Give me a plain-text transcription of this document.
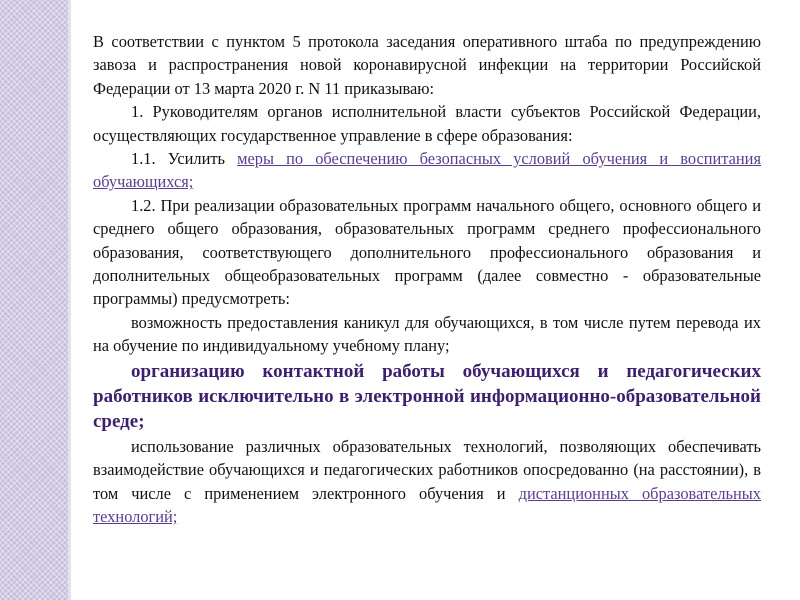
В соответствии с пунктом 5 протокола заседания оперативного штаба по предупреждению завоза и распространения новой коронавирусной инфекции на территории Российской Федерации от 13 марта 2020 г. N 11 приказываю:

1. Руководителям органов исполнительной власти субъектов Российской Федерации, осуществляющих государственное управление в сфере образования:

1.1. Усилить меры по обеспечению безопасных условий обучения и воспитания обучающихся;

1.2. При реализации образовательных программ начального общего, основного общего и среднего общего образования, образовательных программ среднего профессионального образования, соответствующего дополнительного профессионального образования и дополнительных общеобразовательных программ (далее совместно - образовательные программы) предусмотреть:

возможность предоставления каникул для обучающихся, в том числе путем перевода их на обучение по индивидуальному учебному плану;

организацию контактной работы обучающихся и педагогических работников исключительно в электронной информационно-образовательной среде;

использование различных образовательных технологий, позволяющих обеспечивать взаимодействие обучающихся и педагогических работников опосредованно (на расстоянии), в том числе с применением электронного обучения и дистанционных образовательных технологий;
